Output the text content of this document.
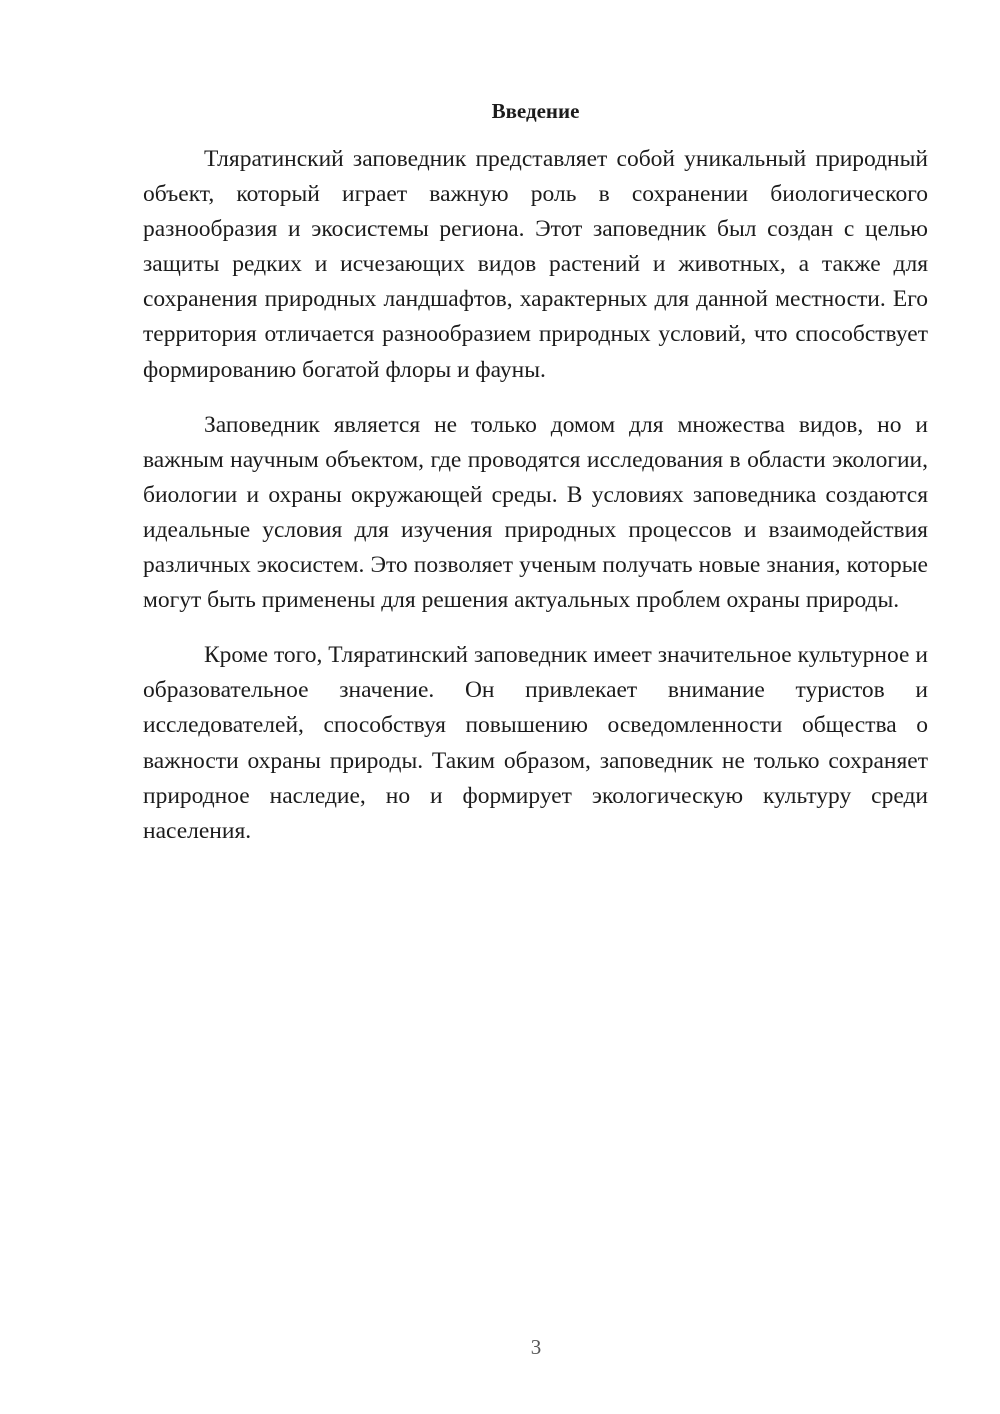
Введение

Тляратинский заповедник представляет собой уникальный природный объект, который играет важную роль в сохранении биологического разнообразия и экосистемы региона. Этот заповедник был создан с целью защиты редких и исчезающих видов растений и животных, а также для сохранения природных ландшафтов, характерных для данной местности. Его территория отличается разнообразием природных условий, что способствует формированию богатой флоры и фауны.

Заповедник является не только домом для множества видов, но и важным научным объектом, где проводятся исследования в области экологии, биологии и охраны окружающей среды. В условиях заповедника создаются идеальные условия для изучения природных процессов и взаимодействия различных экосистем. Это позволяет ученым получать новые знания, которые могут быть применены для решения актуальных проблем охраны природы.

Кроме того, Тляратинский заповедник имеет значительное культурное и образовательное значение. Он привлекает внимание туристов и исследователей, способствуя повышению осведомленности общества о важности охраны природы. Таким образом, заповедник не только сохраняет природное наследие, но и формирует экологическую культуру среди населения.

3
